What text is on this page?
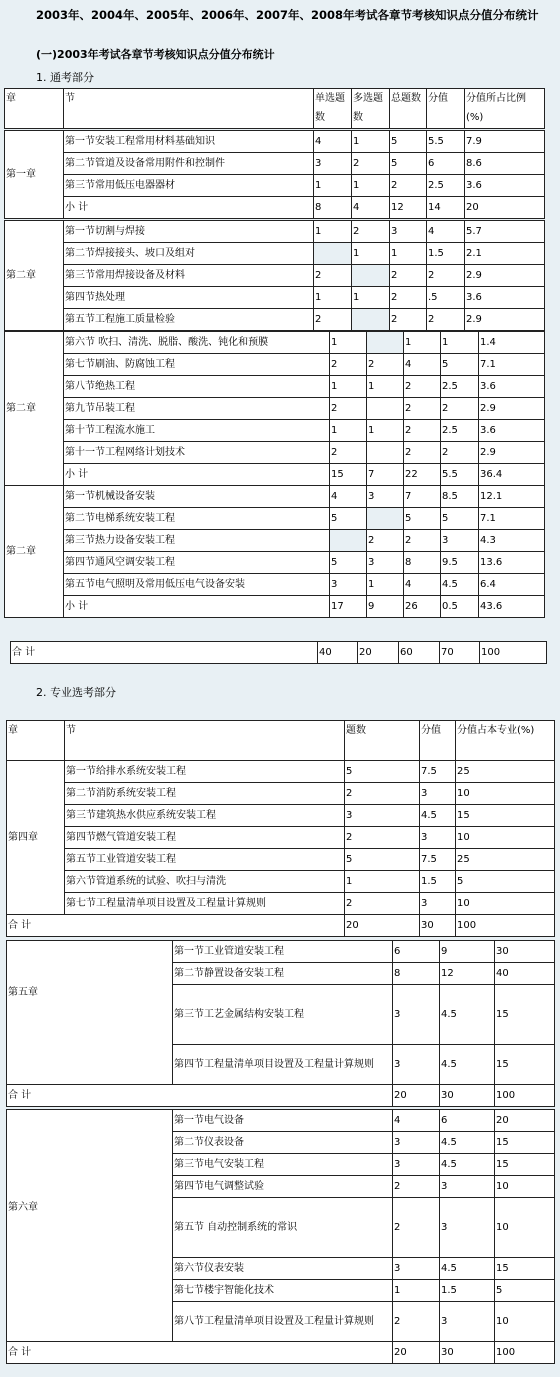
2003年、2004年、2005年、2006年、2007年、2008年考试各章节考核知识点分值分布统计
(一)2003年考试各章节考核知识点分值分布统计
1. 通考部分
章	节	单选题数	多选题数	总题数	分值	分值所占比例(%)
第一章	第一节安装工程常用材料基础知识	4	1	5	5.5	7.9
	第二节管道及设备常用附件和控制件	3	2	5	6	8.6
	第三节常用低压电器器材	1	1	2	2.5	3.6
	小 计	8	4	12	14	20
第二章	第一节切割与焊接	1	2	3	4	5.7
	第二节焊接接头、坡口及组对		1	1	1.5	2.1
	第三节常用焊接设备及材料	2		2	2	2.9
	第四节热处理	1	1	2	.5	3.6
	第五节工程施工质量检验	2		2	2	2.9
第二章	第六节 吹扫、清洗、脱脂、酸洗、钝化和预膜	1		1	1	1.4
	第七节刷油、防腐蚀工程	2	2	4	5	7.1
	第八节绝热工程	1	1	2	2.5	3.6
	第九节吊装工程	2		2	2	2.9
	第十节工程流水施工	1	1	2	2.5	3.6
	第十一节工程网络计划技术	2		2	2	2.9
	小 计	15	7	22	5.5	36.4
第二章	第一节机械设备安装	4	3	7	8.5	12.1
	第二节电梯系统安装工程	5		5	5	7.1
	第三节热力设备安装工程		2	2	3	4.3
	第四节通风空调安装工程	5	3	8	9.5	13.6
	第五节电气照明及常用低压电气设备安装	3	1	4	4.5	6.4
	小 计	17	9	26	0.5	43.6
合 计	40	20	60	70	100
2. 专业选考部分
章	节	题数	分值	分值占本专业(%)
第四章	第一节给排水系统安装工程	5	7.5	25
	第二节消防系统安装工程	2	3	10
	第三节建筑热水供应系统安装工程	3	4.5	15
	第四节燃气管道安装工程	2	3	10
	第五节工业管道安装工程	5	7.5	25
	第六节管道系统的试验、吹扫与清洗	1	1.5	5
	第七节工程量清单项目设置及工程量计算规则	2	3	10
合 计		20	30	100
第五章	第一节工业管道安装工程	6	9	30
	第二节静置设备安装工程	8	12	40
	第三节工艺金属结构安装工程	3	4.5	15
	第四节工程量清单项目设置及工程量计算规则	3	4.5	15
合 计		20	30	100
第六章	第一节电气设备	4	6	20
	第二节仪表设备	3	4.5	15
	第三节电气安装工程	3	4.5	15
	第四节电气调整试验	2	3	10
	第五节 自动控制系统的常识	2	3	10
	第六节仪表安装	3	4.5	15
	第七节楼宇智能化技术	1	1.5	5
	第八节工程量清单项目设置及工程量计算规则	2	3	10
合 计		20	30	100
